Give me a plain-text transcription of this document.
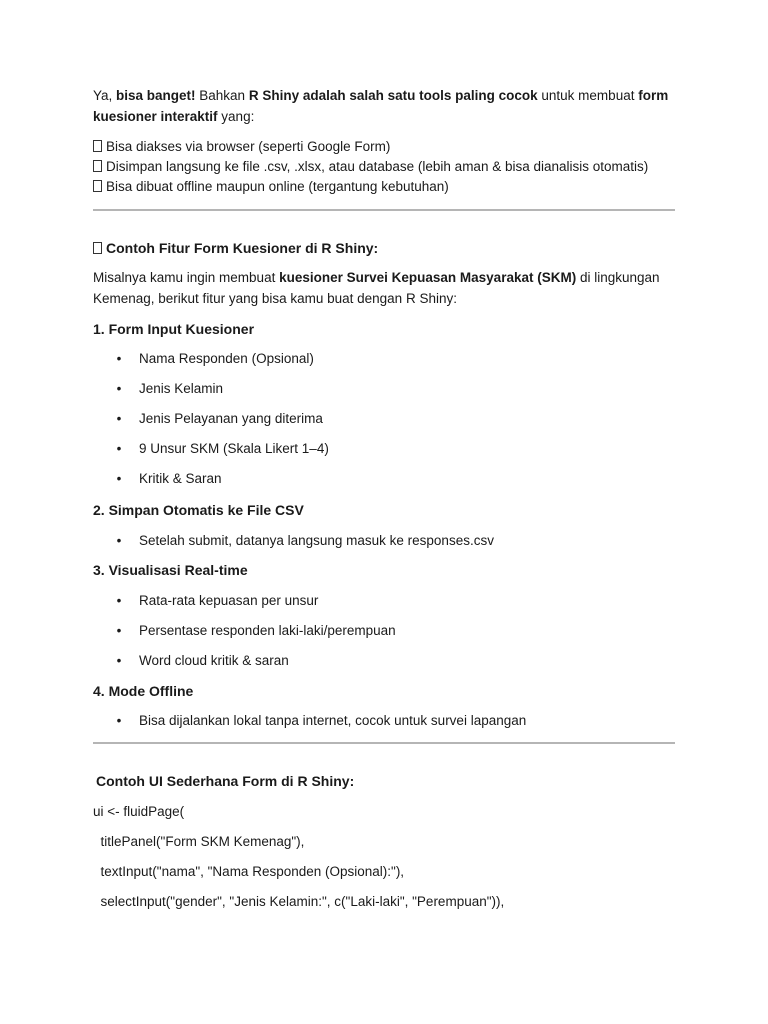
Ya, bisa banget! Bahkan R Shiny adalah salah satu tools paling cocok untuk membuat form
kuesioner interaktif yang:
Bisa diakses via browser (seperti Google Form)
Disimpan langsung ke file .csv, .xlsx, atau database (lebih aman & bisa dianalisis otomatis)
Bisa dibuat offline maupun online (tergantung kebutuhan)
Contoh Fitur Form Kuesioner di R Shiny:
Misalnya kamu ingin membuat kuesioner Survei Kepuasan Masyarakat (SKM) di lingkungan
Kemenag, berikut fitur yang bisa kamu buat dengan R Shiny:
1. Form Input Kuesioner
• Nama Responden (Opsional)
• Jenis Kelamin
• Jenis Pelayanan yang diterima
• 9 Unsur SKM (Skala Likert 1–4)
• Kritik & Saran
2. Simpan Otomatis ke File CSV
• Setelah submit, datanya langsung masuk ke responses.csv
3. Visualisasi Real-time
• Rata-rata kepuasan per unsur
• Persentase responden laki-laki/perempuan
• Word cloud kritik & saran
4. Mode Offline
• Bisa dijalankan lokal tanpa internet, cocok untuk survei lapangan
Contoh UI Sederhana Form di R Shiny:
ui <- fluidPage(
titlePanel("Form SKM Kemenag"),
textInput("nama", "Nama Responden (Opsional):"),
selectInput("gender", "Jenis Kelamin:", c("Laki-laki", "Perempuan")),
